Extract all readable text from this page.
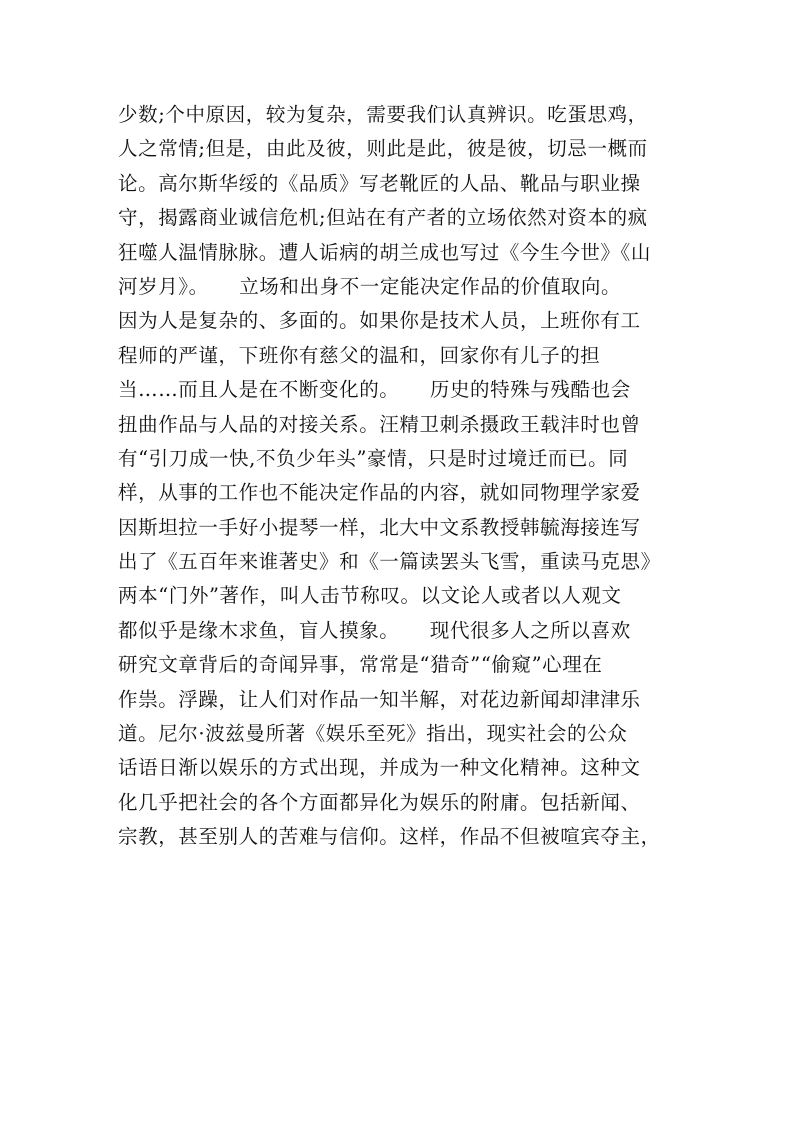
少数;个中原因，较为复杂，需要我们认真辨识。吃蛋思鸡，
人之常情;但是，由此及彼，则此是此，彼是彼，切忌一概而
论。高尔斯华绥的《品质》写老靴匠的人品、靴品与职业操
守，揭露商业诚信危机;但站在有产者的立场依然对资本的疯
狂噬人温情脉脉。遭人诟病的胡兰成也写过《今生今世》《山
河岁月》。　　立场和出身不一定能决定作品的价值取向。
因为人是复杂的、多面的。如果你是技术人员，上班你有工
程师的严谨，下班你有慈父的温和，回家你有儿子的担
当……而且人是在不断变化的。　　历史的特殊与残酷也会
扭曲作品与人品的对接关系。汪精卫刺杀摄政王载沣时也曾
有“引刀成一快,不负少年头”豪情，只是时过境迁而已。同
样，从事的工作也不能决定作品的内容，就如同物理学家爱
因斯坦拉一手好小提琴一样，北大中文系教授韩毓海接连写
出了《五百年来谁著史》和《一篇读罢头飞雪，重读马克思》
两本“门外”著作，叫人击节称叹。以文论人或者以人观文
都似乎是缘木求鱼，盲人摸象。　　现代很多人之所以喜欢
研究文章背后的奇闻异事，常常是“猎奇”“偷窥”心理在
作祟。浮躁，让人们对作品一知半解，对花边新闻却津津乐
道。尼尔·波兹曼所著《娱乐至死》指出，现实社会的公众
话语日渐以娱乐的方式出现，并成为一种文化精神。这种文
化几乎把社会的各个方面都异化为娱乐的附庸。包括新闻、
宗教，甚至别人的苦难与信仰。这样，作品不但被喧宾夺主，
